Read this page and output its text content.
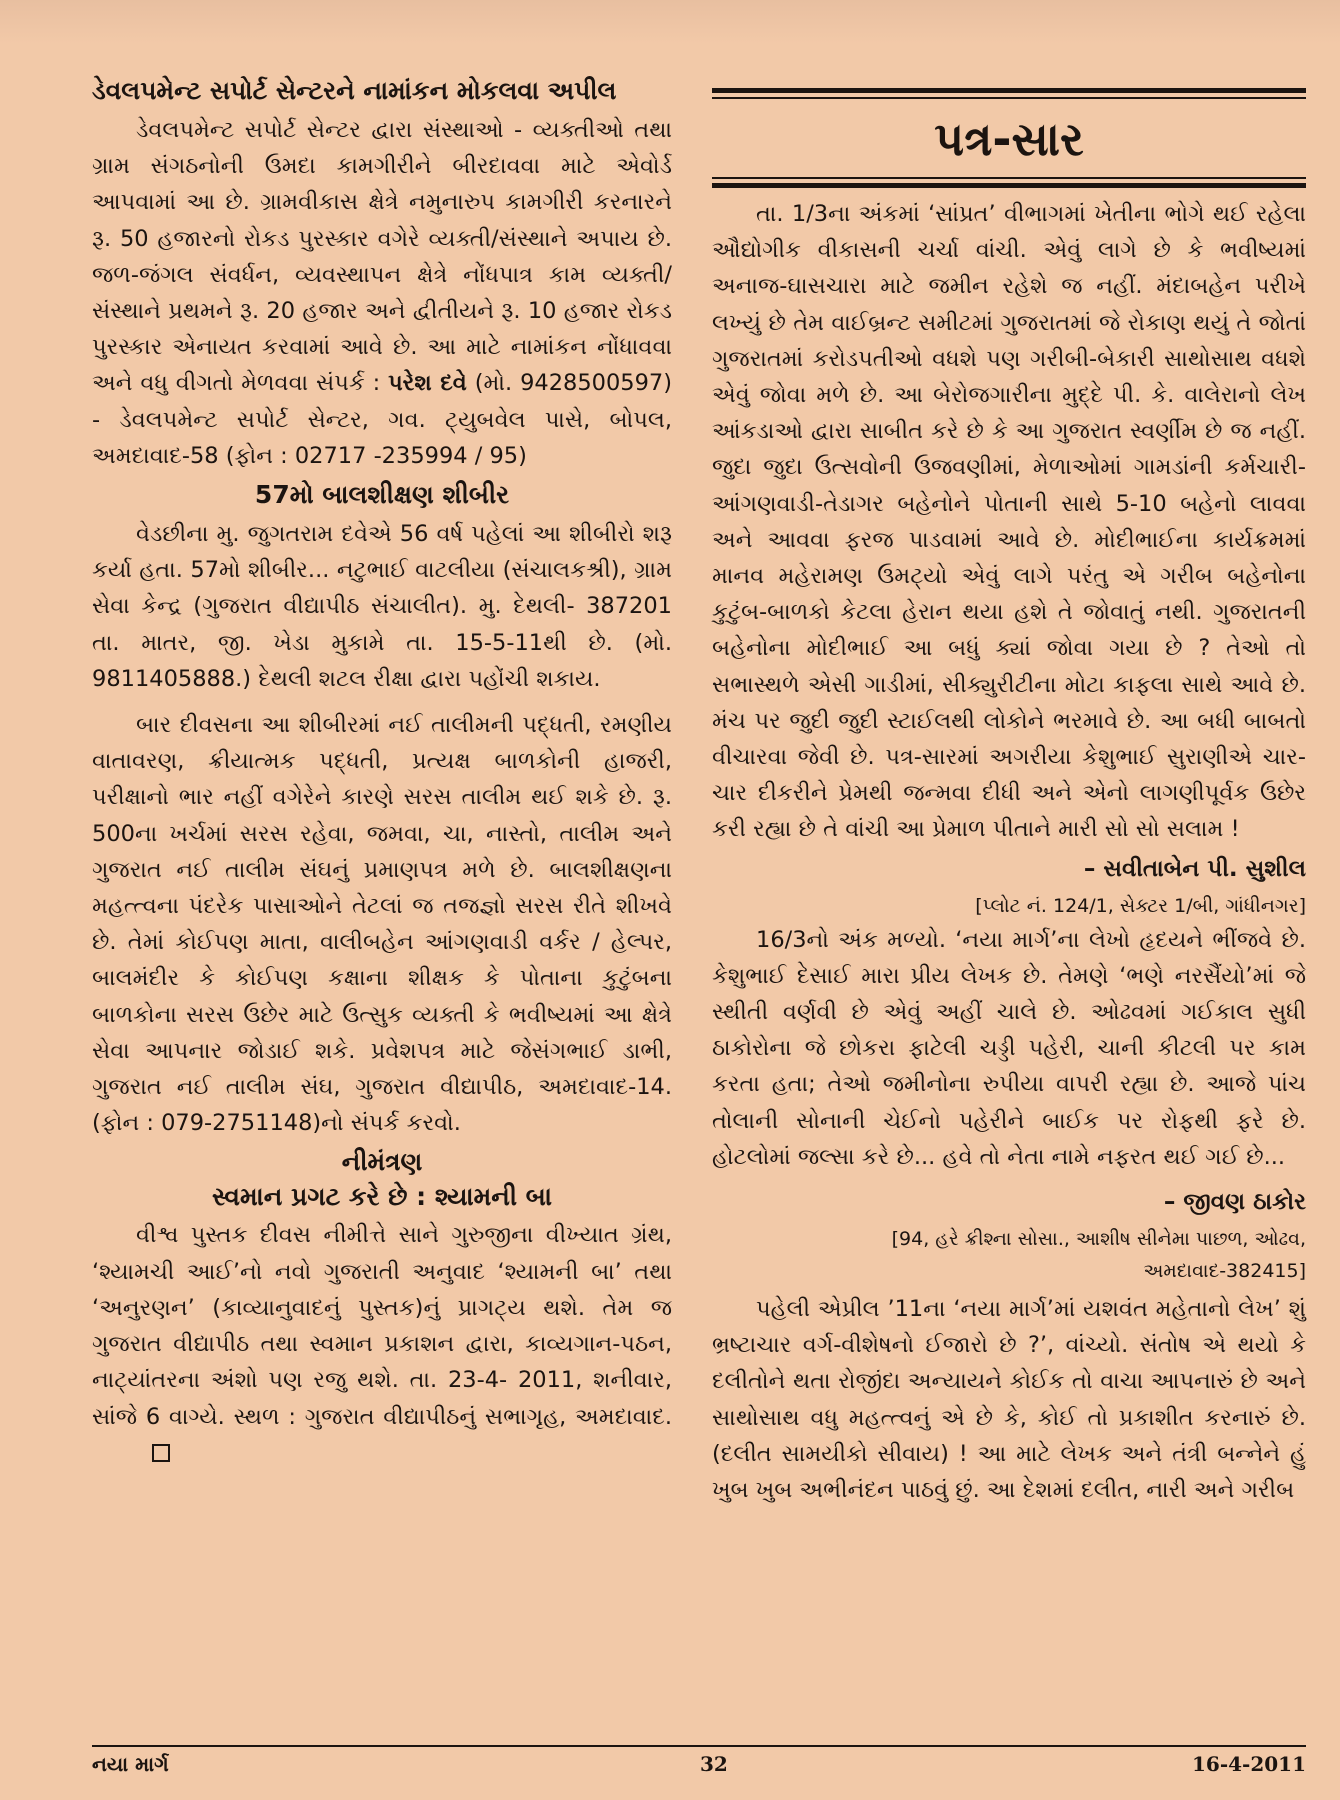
ડેવલપમેન્ટ સપોર્ટ સેન્ટરને નામાંકન મોકલવા અપીલ

ડેવલપમેન્ટ સપોર્ટ સેન્ટર દ્વારા સંસ્થાઓ - વ્યક્તીઓ તથા ગ્રામ સંગઠનોની ઉમદા કામગીરીને બીરદાવવા માટે એવોર્ડ આપવામાં આ છે. ગ્રામવીકાસ ક્ષેત્રે નમુનારુપ કામગીરી કરનારને રૂ. 50 હજારનો રોકડ પુરસ્કાર વગેરે વ્યક્તી/સંસ્થાને અપાય છે. જળ-જંગલ સંવર્ધન, વ્યવસ્થાપન ક્ષેત્રે નોંધપાત્ર કામ વ્યક્તી/સંસ્થાને પ્રથમને રૂ. 20 હજાર અને દ્વીતીયને રૂ. 10 હજાર રોકડ પુરસ્કાર એનાયત કરવામાં આવે છે. આ માટે નામાંકન નોંધાવવા અને વધુ વીગતો મેળવવા સંપર્ક : પરેશ દવે (મો. 9428500597) - ડેવલપમેન્ટ સપોર્ટ સેન્ટર, ગવ. ટ્યુબવેલ પાસે, બોપલ, અમદાવાદ-58 (ફોન : 02717 -235994 / 95)

57મો બાલશીક્ષણ શીબીર

વેડછીના મુ. જુગતરામ દવેએ 56 વર્ષ પહેલાં આ શીબીરો શરૂ કર્યા હતા. 57મો શીબીર... નટુભાઈ વાટલીયા (સંચાલકશ્રી), ગ્રામ સેવા કેન્દ્ર (ગુજરાત વીદ્યાપીઠ સંચાલીત). મુ. દેથલી- 387201 તા. માતર, જી. ખેડા મુકામે તા. 15-5-11થી છે. (મો. 9811405888.) દેથલી શટલ રીક્ષા દ્વારા પહોંચી શકાય.

બાર દીવસના આ શીબીરમાં નઈ તાલીમની પદ્ધતી, રમણીય વાતાવરણ, ક્રીયાત્મક પદ્ધતી, પ્રત્યક્ષ બાળકોની હાજરી, પરીક્ષાનો ભાર નહીં વગેરેને કારણે સરસ તાલીમ થઈ શકે છે. રૂ. 500ના ખર્ચમાં સરસ રહેવા, જમવા, ચા, નાસ્તો, તાલીમ અને ગુજરાત નઈ તાલીમ સંઘનું પ્રમાણપત્ર મળે છે. બાલશીક્ષણના મહત્ત્વના પંદરેક પાસાઓને તેટલાં જ તજજ્ઞો સરસ રીતે શીખવે છે. તેમાં કોઈપણ માતા, વાલીબહેન આંગણવાડી વર્કર / હેલ્પર, બાલમંદીર કે કોઈપણ કક્ષાના શીક્ષક કે પોતાના કુટુંબના બાળકોના સરસ ઉછેર માટે ઉત્સુક વ્યક્તી કે ભવીષ્યમાં આ ક્ષેત્રે સેવા આપનાર જોડાઈ શકે. પ્રવેશપત્ર માટે જેસંગભાઈ ડાભી, ગુજરાત નઈ તાલીમ સંઘ, ગુજરાત વીદ્યાપીઠ, અમદાવાદ-14. (ફોન : 079-2751148)નો સંપર્ક કરવો.

નીમંત્રણ
સ્વમાન પ્રગટ કરે છે : શ્યામની બા

વીશ્વ પુસ્તક દીવસ નીમીત્તે સાને ગુરુજીના વીખ્યાત ગ્રંથ, ‘શ્યામચી આઈ’નો નવો ગુજરાતી અનુવાદ ‘શ્યામની બા’ તથા ‘અનુરણન’ (કાવ્યાનુવાદનું પુસ્તક)નું પ્રાગટ્ય થશે. તેમ જ ગુજરાત વીદ્યાપીઠ તથા સ્વમાન પ્રકાશન દ્વારા, કાવ્યગાન-પઠન, નાટ્યાંતરના અંશો પણ રજુ થશે. તા. 23-4- 2011, શનીવાર, સાંજે 6 વાગ્યે. સ્થળ : ગુજરાત વીદ્યાપીઠનું સભાગૃહ, અમદાવાદ.

પત્ર-સાર

તા. 1/3ના અંકમાં ‘સાંપ્રત’ વીભાગમાં ખેતીના ભોગે થઈ રહેલા ઔદ્યોગીક વીકાસની ચર્ચા વાંચી. એવું લાગે છે કે ભવીષ્યમાં અનાજ-ઘાસચારા માટે જમીન રહેશે જ નહીં. મંદાબહેન પરીખે લખ્યું છે તેમ વાઈબ્રન્ટ સમીટમાં ગુજરાતમાં જે રોકાણ થયું તે જોતાં ગુજરાતમાં કરોડપતીઓ વધશે પણ ગરીબી-બેકારી સાથોસાથ વધશે એવું જોવા મળે છે. આ બેરોજગારીના મુદ્દે પી. કે. વાલેરાનો લેખ આંકડાઓ દ્વારા સાબીત કરે છે કે આ ગુજરાત સ્વર્ણીમ છે જ નહીં. જુદા જુદા ઉત્સવોની ઉજવણીમાં, મેળાઓમાં ગામડાંની કર્મચારી- આંગણવાડી-તેડાગર બહેનોને પોતાની સાથે 5-10 બહેનો લાવવા અને આવવા ફરજ પાડવામાં આવે છે. મોદીભાઈના કાર્યક્રમમાં માનવ મહેરામણ ઉમટ્યો એવું લાગે પરંતુ એ ગરીબ બહેનોના કુટુંબ-બાળકો કેટલા હેરાન થયા હશે તે જોવાતું નથી. ગુજરાતની બહેનોના મોદીભાઈ આ બધું ક્યાં જોવા ગયા છે ? તેઓ તો સભાસ્થળે એસી ગાડીમાં, સીક્યુરીટીના મોટા કાફલા સાથે આવે છે. મંચ પર જુદી જુદી સ્ટાઈલથી લોકોને ભરમાવે છે. આ બધી બાબતો વીચારવા જેવી છે. પત્ર-સારમાં અગરીયા કેશુભાઈ સુરાણીએ ચાર-ચાર દીકરીને પ્રેમથી જન્મવા દીધી અને એનો લાગણીપૂર્વક ઉછેર કરી રહ્યા છે તે વાંચી આ પ્રેમાળ પીતાને મારી સો સો સલામ !

– સવીતાબેન પી. સુશીલ
[પ્લોટ નં. 124/1, સેક્ટર 1/બી, ગાંધીનગર]

16/3નો અંક મળ્યો. ‘નયા માર્ગ’ના લેખો હૃદયને ભીંજવે છે. કેશુભાઈ દેસાઈ મારા પ્રીય લેખક છે. તેમણે ‘ભણે નરસૈંયો’માં જે સ્થીતી વર્ણવી છે એવું અહીં ચાલે છે. ઓઢવમાં ગઈકાલ સુધી ઠાકોરોના જે છોકરા ફાટેલી ચડ્ડી પહેરી, ચાની કીટલી પર કામ કરતા હતા; તેઓ જમીનોના રુપીયા વાપરી રહ્યા છે. આજે પાંચ તોલાની સોનાની ચેઈનો પહેરીને બાઈક પર રોફથી ફરે છે. હોટલોમાં જલ્સા કરે છે... હવે તો નેતા નામે નફરત થઈ ગઈ છે...

– જીવણ ઠાકોર
[94, હરે ક્રીશ્ના સોસા., આશીષ સીનેમા પાછળ, ઓઢવ,
અમદાવાદ-382415]

પહેલી એપ્રીલ ’11ના ‘નયા માર્ગ’માં યશવંત મહેતાનો લેખ’ શું ભ્રષ્ટાચાર વર્ગ-વીશેષનો ઈજારો છે ?’, વાંચ્યો. સંતોષ એ થયો કે દલીતોને થતા રોજીંદા અન્યાયને કોઈક તો વાચા આપનારું છે અને સાથોસાથ વધુ મહત્ત્વનું એ છે કે, કોઈ તો પ્રકાશીત કરનારું છે. (દલીત સામયીકો સીવાય) ! આ માટે લેખક અને તંત્રી બન્નેને હું ખુબ ખુબ અભીનંદન પાઠવું છું. આ દેશમાં દલીત, નારી અને ગરીબ

નયા માર્ગ	32	16-4-2011
